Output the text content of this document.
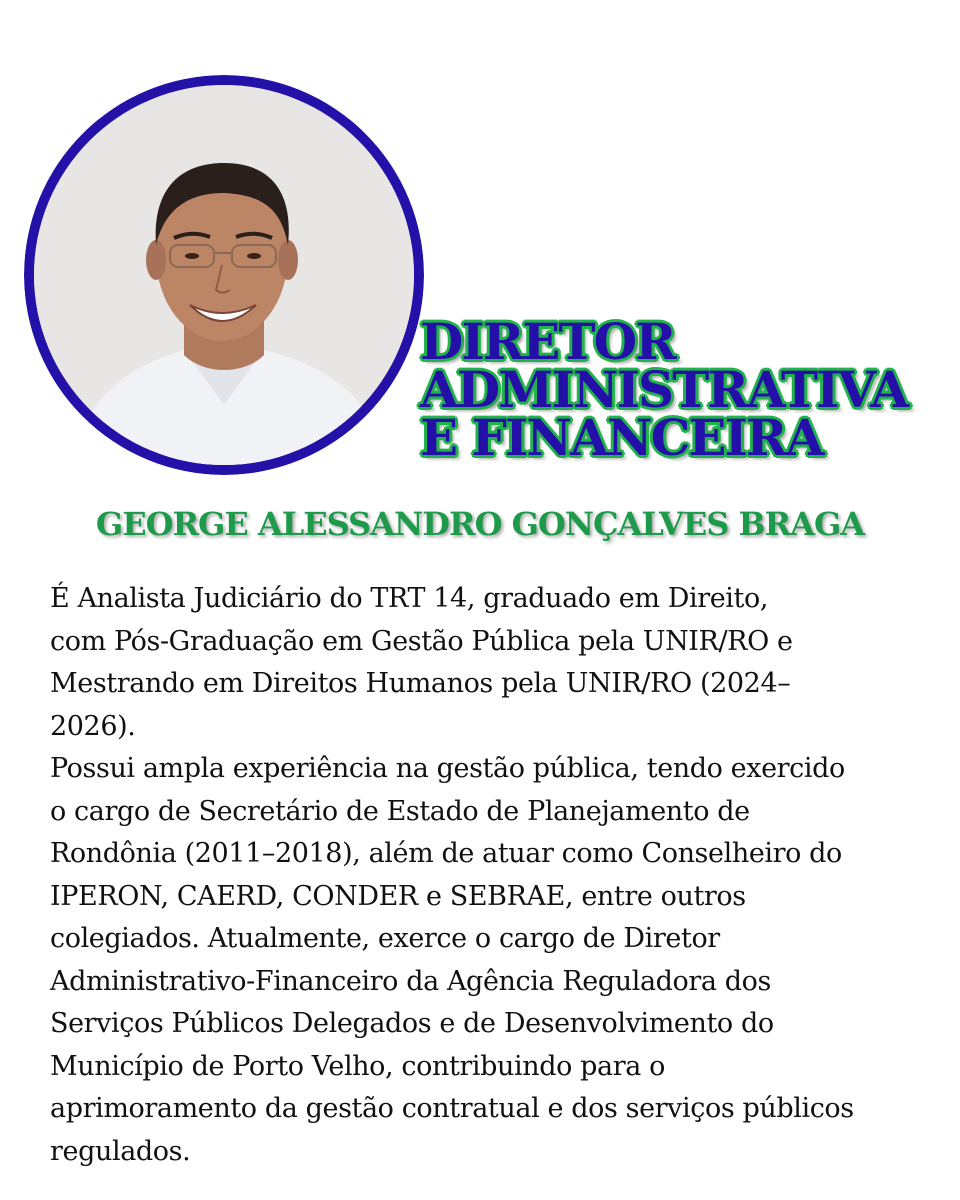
DIRETOR
ADMINISTRATIVA
E FINANCEIRA
GEORGE ALESSANDRO GONÇALVES BRAGA
É Analista Judiciário do TRT 14, graduado em Direito,
com Pós-Graduação em Gestão Pública pela UNIR/RO e
Mestrando em Direitos Humanos pela UNIR/RO (2024–
2026).
Possui ampla experiência na gestão pública, tendo exercido
o cargo de Secretário de Estado de Planejamento de
Rondônia (2011–2018), além de atuar como Conselheiro do
IPERON, CAERD, CONDER e SEBRAE, entre outros
colegiados. Atualmente, exerce o cargo de Diretor
Administrativo-Financeiro da Agência Reguladora dos
Serviços Públicos Delegados e de Desenvolvimento do
Município de Porto Velho, contribuindo para o
aprimoramento da gestão contratual e dos serviços públicos
regulados.
